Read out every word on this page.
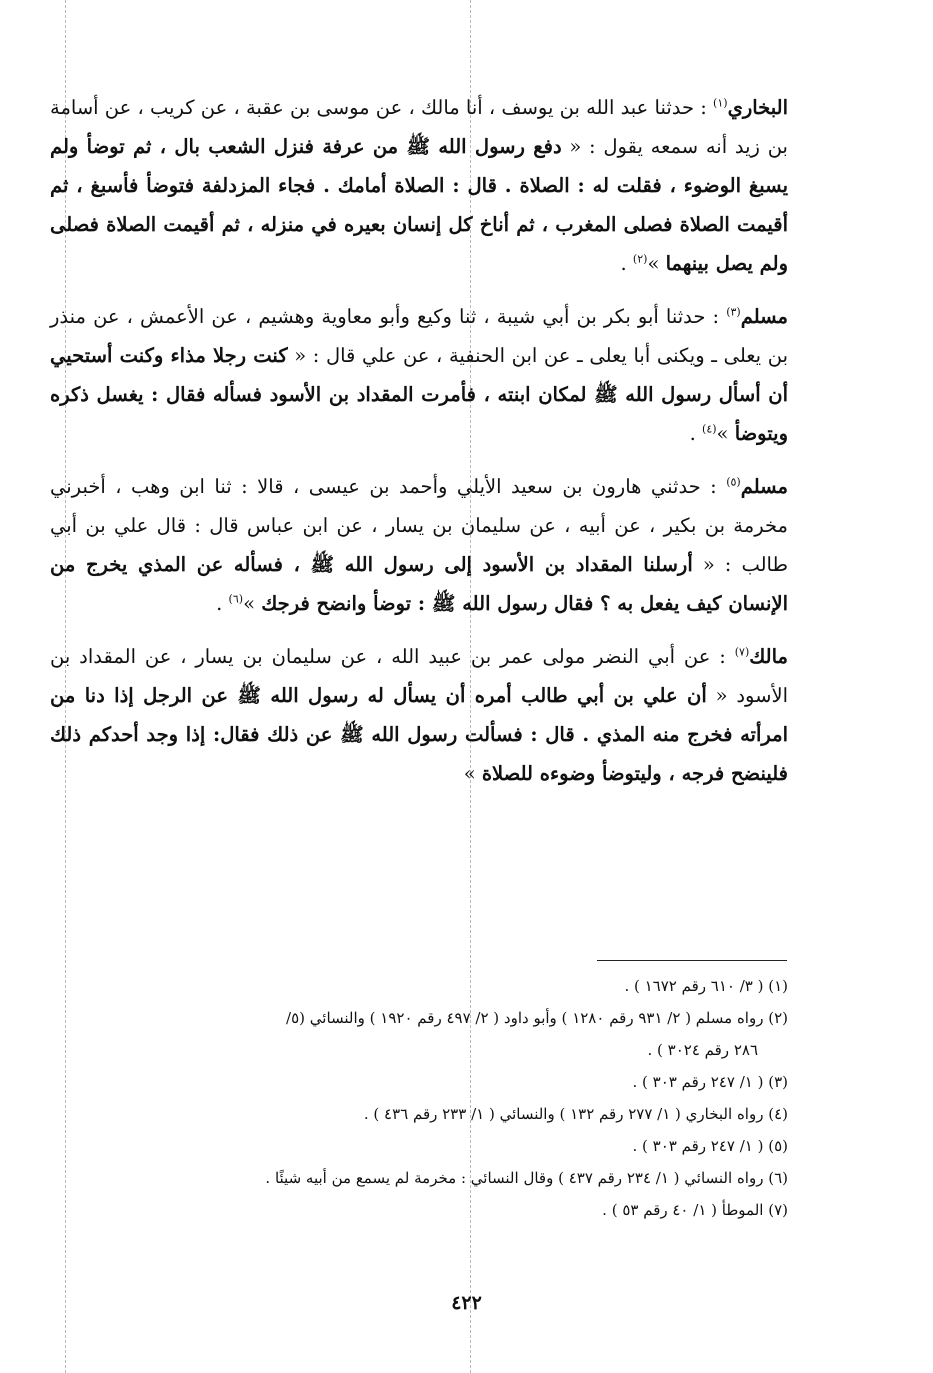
البخاري$^{(١)}$ : حدثنا عبد الله بن يوسف ، أنا مالك ، عن موسى بن عقبة ، عن كريب ، عن أسامة بن زيد أنه سمعه يقول : « دفع رسول الله ﷺ من عرفة فنزل الشعب بال ، ثم توضأ ولم يسبغ الوضوء ، فقلت له : الصلاة . قال : الصلاة أمامك . فجاء المزدلفة فتوضأ فأسبغ ، ثم أقيمت الصلاة فصلى المغرب ، ثم أناخ كل إنسان بعيره في منزله ، ثم أقيمت الصلاة فصلى ولم يصل بينهما »$^{(٢)}$ .

مسلم$^{(٣)}$ : حدثنا أبو بكر بن أبي شيبة ، ثنا وكيع وأبو معاوية وهشيم ، عن الأعمش ، عن منذر بن يعلى ـ ويكنى أبا يعلى ـ عن ابن الحنفية ، عن علي قال : « كنت رجلا مذاء وكنت أستحيي أن أسأل رسول الله ﷺ لمكان ابنته ، فأمرت المقداد بن الأسود فسأله فقال : يغسل ذكره ويتوضأ »$^{(٤)}$ .

مسلم$^{(٥)}$ : حدثني هارون بن سعيد الأيلي وأحمد بن عيسى ، قالا : ثنا ابن وهب ، أخبرني مخرمة بن بكير ، عن أبيه ، عن سليمان بن يسار ، عن ابن عباس قال : قال علي بن أبي طالب : « أرسلنا المقداد بن الأسود إلى رسول الله ﷺ ، فسأله عن المذي يخرج من الإنسان كيف يفعل به ؟ فقال رسول الله ﷺ : توضأ وانضح فرجك »$^{(٦)}$ .

مالك$^{(٧)}$ : عن أبي النضر مولى عمر بن عبيد الله ، عن سليمان بن يسار ، عن المقداد بن الأسود « أن علي بن أبي طالب أمره أن يسأل له رسول الله ﷺ عن الرجل إذا دنا من امرأته فخرج منه المذي . قال : فسألت رسول الله ﷺ عن ذلك فقال: إذا وجد أحدكم ذلك فلينضح فرجه ، وليتوضأ وضوءه للصلاة »

(١) ( ٣/ ٦١٠ رقم ١٦٧٢ ) .

(٢) رواه مسلم ( ٢/ ٩٣١ رقم ١٢٨٠ ) وأبو داود ( ٢/ ٤٩٧ رقم ١٩٢٠ ) والنسائي (٥/

٢٨٦ رقم ٣٠٢٤ ) .

(٣) ( ١/ ٢٤٧ رقم ٣٠٣ ) .

(٤) رواه البخاري ( ١/ ٢٧٧ رقم ١٣٢ ) والنسائي ( ١/ ٢٣٣ رقم ٤٣٦ ) .

(٥) ( ١/ ٢٤٧ رقم ٣٠٣ ) .

(٦) رواه النسائي ( ١/ ٢٣٤ رقم ٤٣٧ ) وقال النسائي : مخرمة لم يسمع من أبيه شيئًا .

(٧) الموطأ ( ١/ ٤٠ رقم ٥٣ ) .

٤٢٢
